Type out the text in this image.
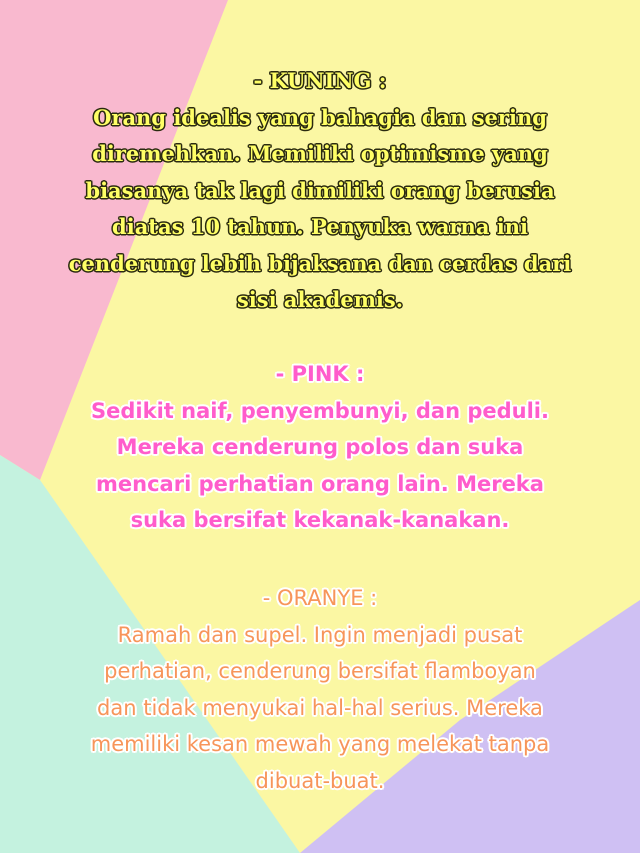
- KUNING :

Orang idealis yang bahagia dan sering
diremehkan. Memiliki optimisme yang
biasanya tak lagi dimiliki orang berusia
diatas 10 tahun. Penyuka warna ini
cenderung lebih bijaksana dan cerdas dari
sisi akademis.

- PINK :

Sedikit naif, penyembunyi, dan peduli.
Mereka cenderung polos dan suka
mencari perhatian orang lain. Mereka
suka bersifat kekanak-kanakan.

- ORANYE :

Ramah dan supel. Ingin menjadi pusat
perhatian, cenderung bersifat flamboyan
dan tidak menyukai hal-hal serius. Mereka
memiliki kesan mewah yang melekat tanpa
dibuat-buat.
